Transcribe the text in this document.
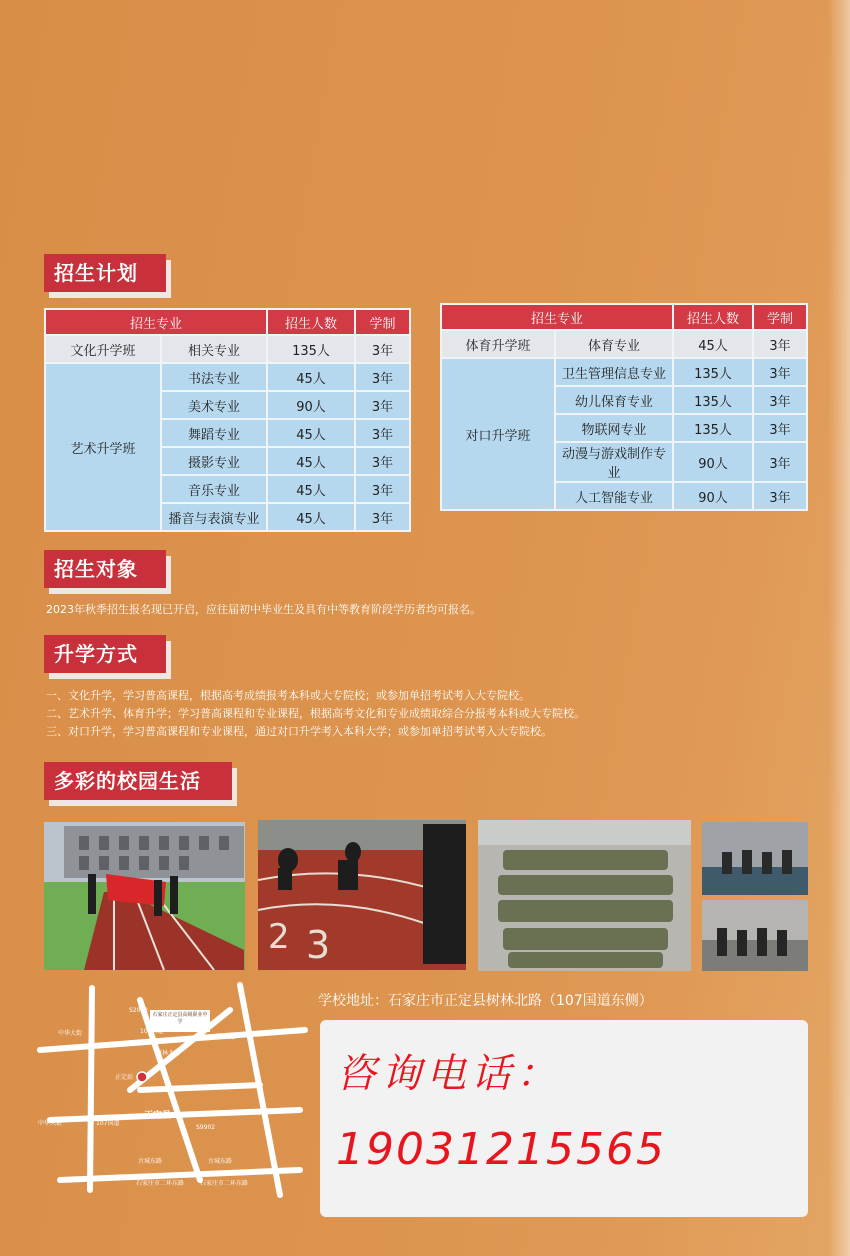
招生计划
招生专业		招生人数	学制
文化升学班	相关专业	135人	3年
艺术升学班	书法专业	45人	3年
	美术专业	90人	3年
	舞蹈专业	45人	3年
	摄影专业	45人	3年
	音乐专业	45人	3年
	播音与表演专业	45人	3年
招生专业		招生人数	学制
体育升学班	体育专业	45人	3年
对口升学班	卫生管理信息专业	135人	3年
	幼儿保育专业	135人	3年
	物联网专业	135人	3年
	动漫与游戏制作专业	90人	3年
	人工智能专业	90人	3年
招生对象
2023年秋季招生报名现已开启，应往届初中毕业生及具有中等教育阶段学历者均可报名。
升学方式
一、文化升学，学习普高课程，根据高考成绩报考本科或大专院校；或参加单招考试考入大专院校。
二、艺术升学、体育升学；学习普高课程和专业课程，根据高考文化和专业成绩取综合分报考本科或大专院校。
三、对口升学，学习普高课程和专业课程，通过对口升学考入本科大学；或参加单招考试考入大专院校。
多彩的校园生活
2 3
S2002
中华大街	107国道
石家庄正定县高级职业中学
S9902
树林北路
正定站
中华大街	107国道
正定县
S9902
古城东路	古城东路
石家庄市二环东路	石家庄市二环东路
学校地址：石家庄市正定县树林北路（107国道东侧）
咨询电话：
19031215565
